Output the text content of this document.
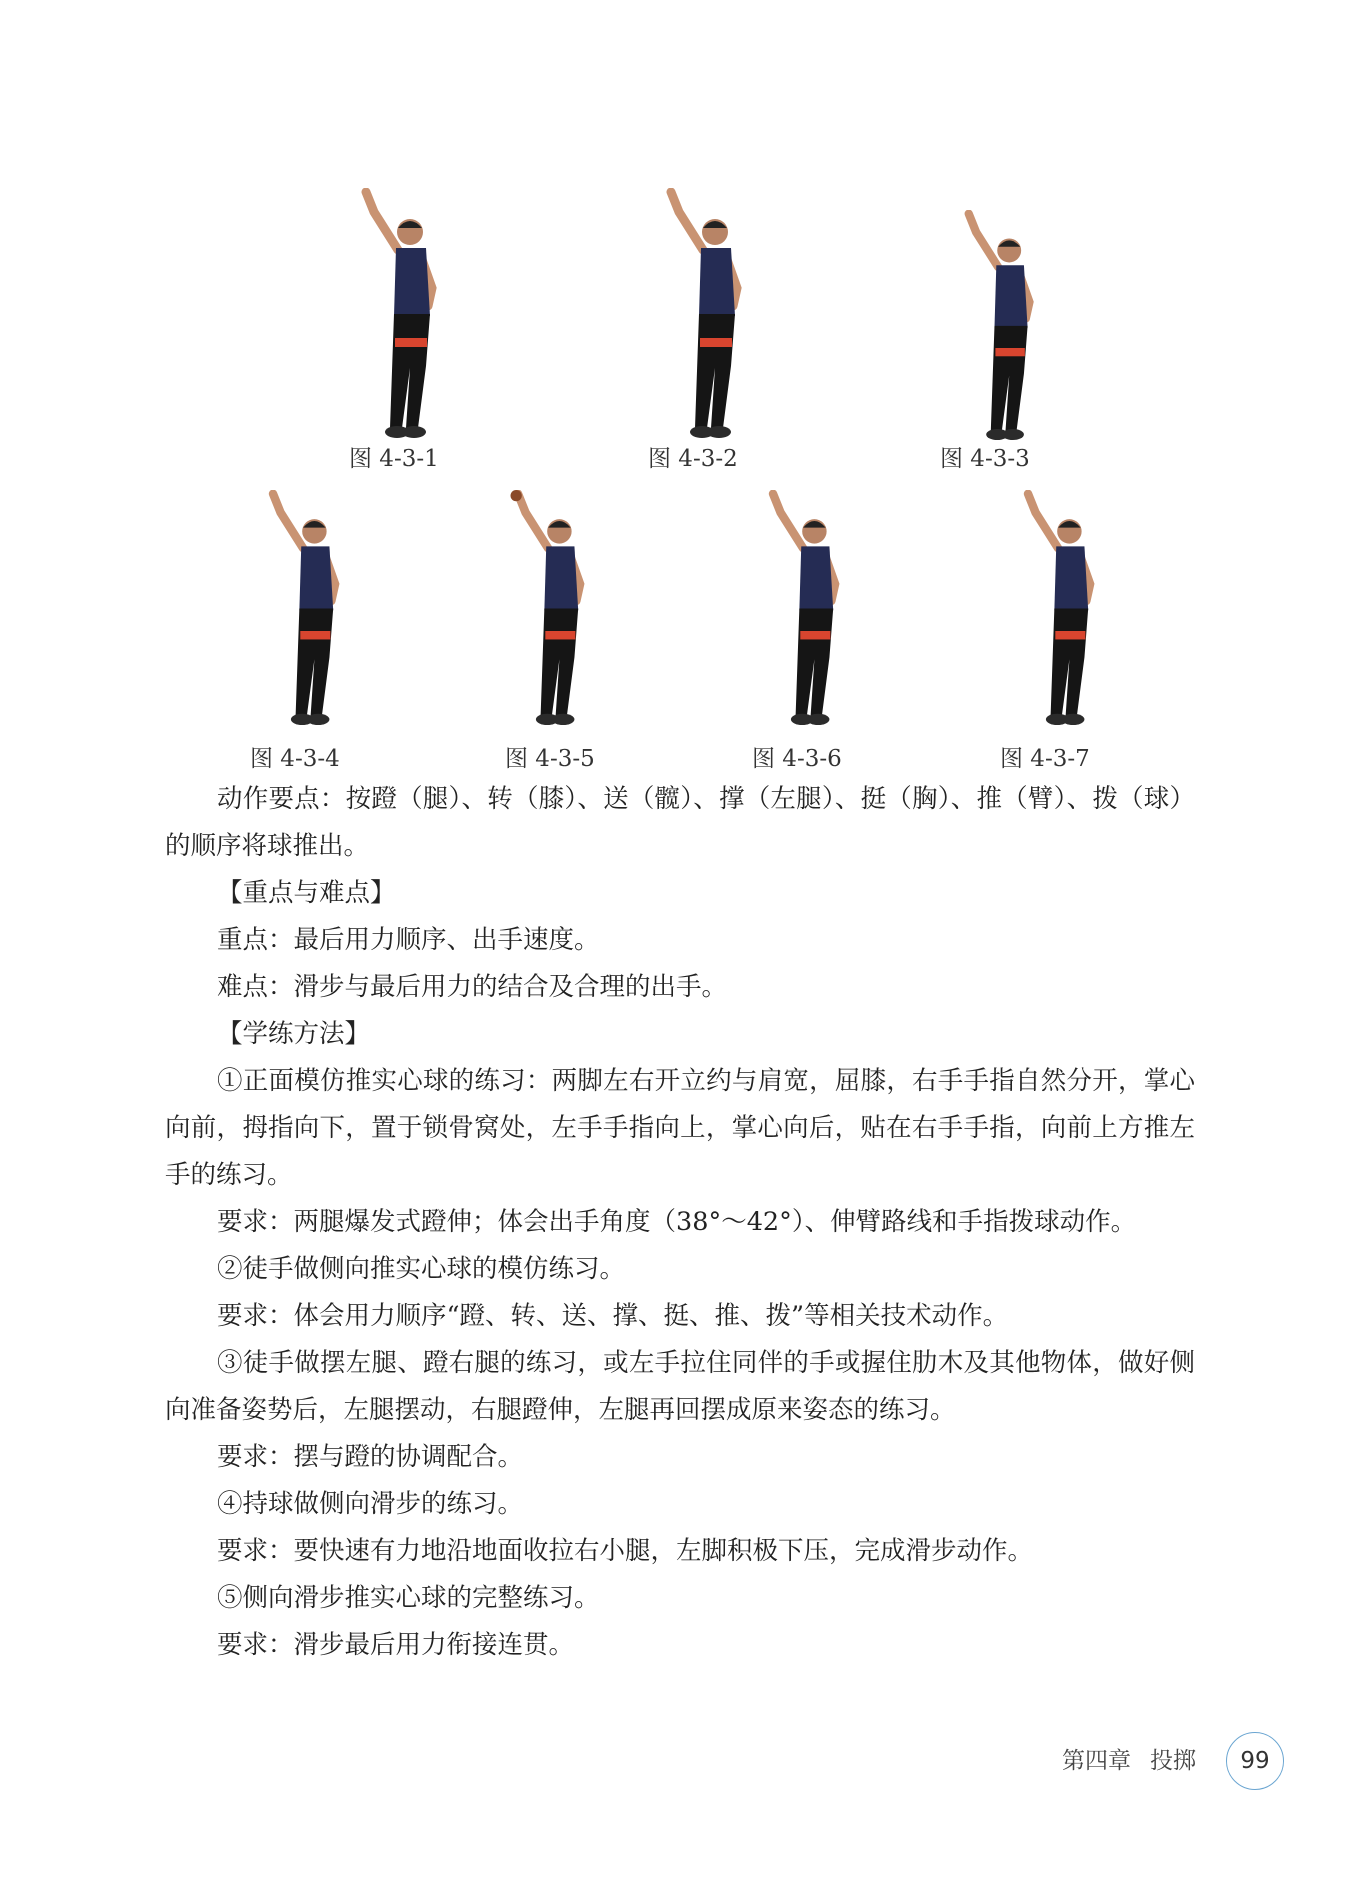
图 4-3-1	图 4-3-2	图 4-3-3
图 4-3-4	图 4-3-5	图 4-3-6	图 4-3-7
动作要点：按蹬（腿）、转（膝）、送（髋）、撑（左腿）、挺（胸）、推（臂）、拨（球）的顺序将球推出。
【重点与难点】
重点：最后用力顺序、出手速度。
难点：滑步与最后用力的结合及合理的出手。
【学练方法】
①正面模仿推实心球的练习：两脚左右开立约与肩宽，屈膝，右手手指自然分开，掌心向前，拇指向下，置于锁骨窝处，左手手指向上，掌心向后，贴在右手手指，向前上方推左手的练习。
要求：两腿爆发式蹬伸；体会出手角度（38°～42°）、伸臂路线和手指拨球动作。
②徒手做侧向推实心球的模仿练习。
要求：体会用力顺序“蹬、转、送、撑、挺、推、拨”等相关技术动作。
③徒手做摆左腿、蹬右腿的练习，或左手拉住同伴的手或握住肋木及其他物体，做好侧向准备姿势后，左腿摆动，右腿蹬伸，左腿再回摆成原来姿态的练习。
要求：摆与蹬的协调配合。
④持球做侧向滑步的练习。
要求：要快速有力地沿地面收拉右小腿，左脚积极下压，完成滑步动作。
⑤侧向滑步推实心球的完整练习。
要求：滑步最后用力衔接连贯。
第四章 投掷 99
